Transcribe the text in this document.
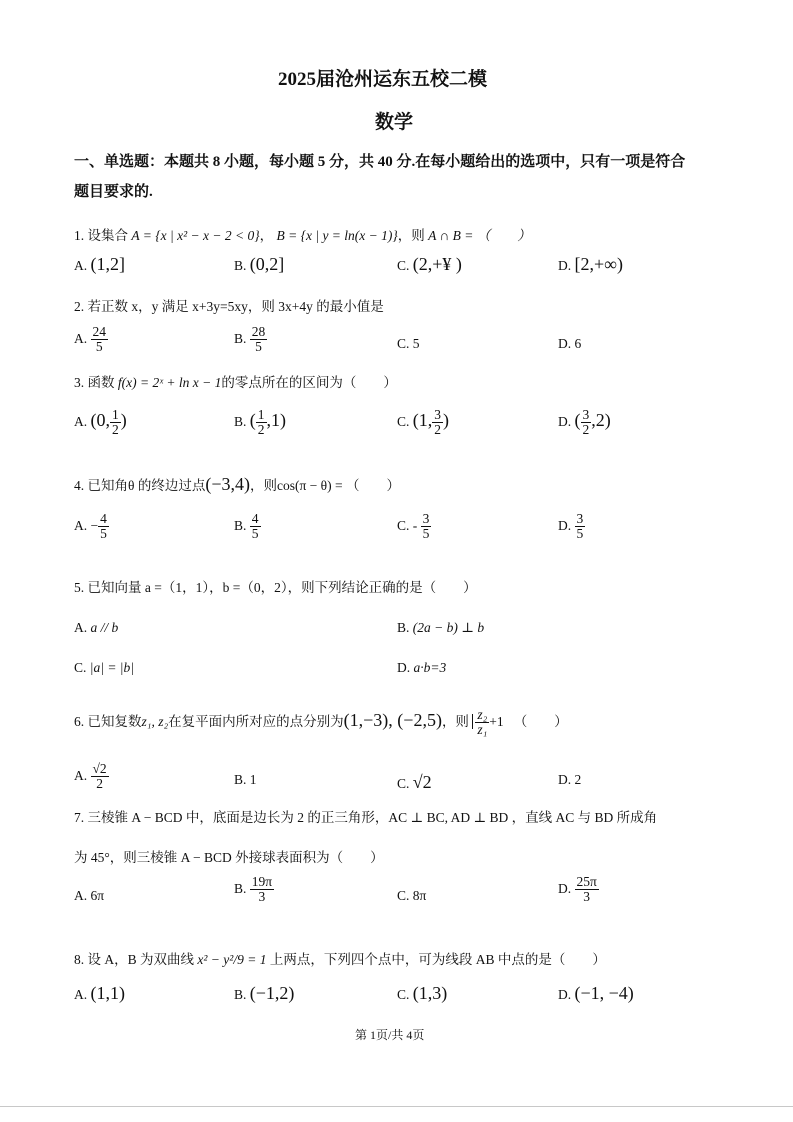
2025届沧州运东五校二模
数学
一、单选题：本题共 8 小题，每小题 5 分，共 40 分.在每小题给出的选项中，只有一项是符合
题目要求的.
1. 设集合 A = {x | x² − x − 2 < 0}， B = {x | y = ln(x − 1)}，则 A ∩ B = （　　）
A. (1,2]	B. (0,2]	C. (2,+¥ )	D. [2,+∞)
2. 若正数 x，y 满足 x+3y=5xy，则 3x+4y 的最小值是
A. $\frac{24}{5}$	B. $\frac{28}{5}$	C. 5	D. 6
3. 函数 f(x) = 2ˣ + ln x − 1的零点所在的区间为（　　）
A. (0, $\frac{1}{2}$ )	B. ( $\frac{1}{2} ,1$)	C. (1, $\frac{3}{2}$ )	D. ( $\frac{3}{2} ,2$)
4. 已知角θ 的终边过点(−3,4)，则cos(π − θ) = （　　）
A. − $\frac{4}{5}$	B. $\frac{4}{5}$	C. - $\frac{3}{5}$	D. $\frac{3}{5}$
5. 已知向量 a =（1，1），b =（0，2），则下列结论正确的是（　　）
A. a // b	B. (2a − b) ⊥ b
C. |a| = |b|	D. a·b=3
6. 已知复数z₁, z₂在复平面内所对应的点分别为(1,−3), (−2,5)，则 $\frac{\text{z₂}}{\text{z₁}} +1$ 　（　　）
A. $\frac{√2}{2}$	B. 1	C. √2	D. 2
7. 三棱锥 A − BCD 中，底面是边长为 2 的正三角形，AC ⊥ BC, AD ⊥ BD ，直线 AC 与 BD 所成角
为 45°，则三棱锥 A − BCD 外接球表面积为（　　）
A. 6π	B. $\frac{19\pi}{3}$	C. 8π	D. $\frac{25\pi}{3}$
8. 设 A，B 为双曲线 x² − y²/9 = 1 上两点，下列四个点中，可为线段 AB 中点的是（　　）
A. (1,1)	B. (−1,2)	C. (1,3)	D. (−1, −4)
第 1页/共 4页
